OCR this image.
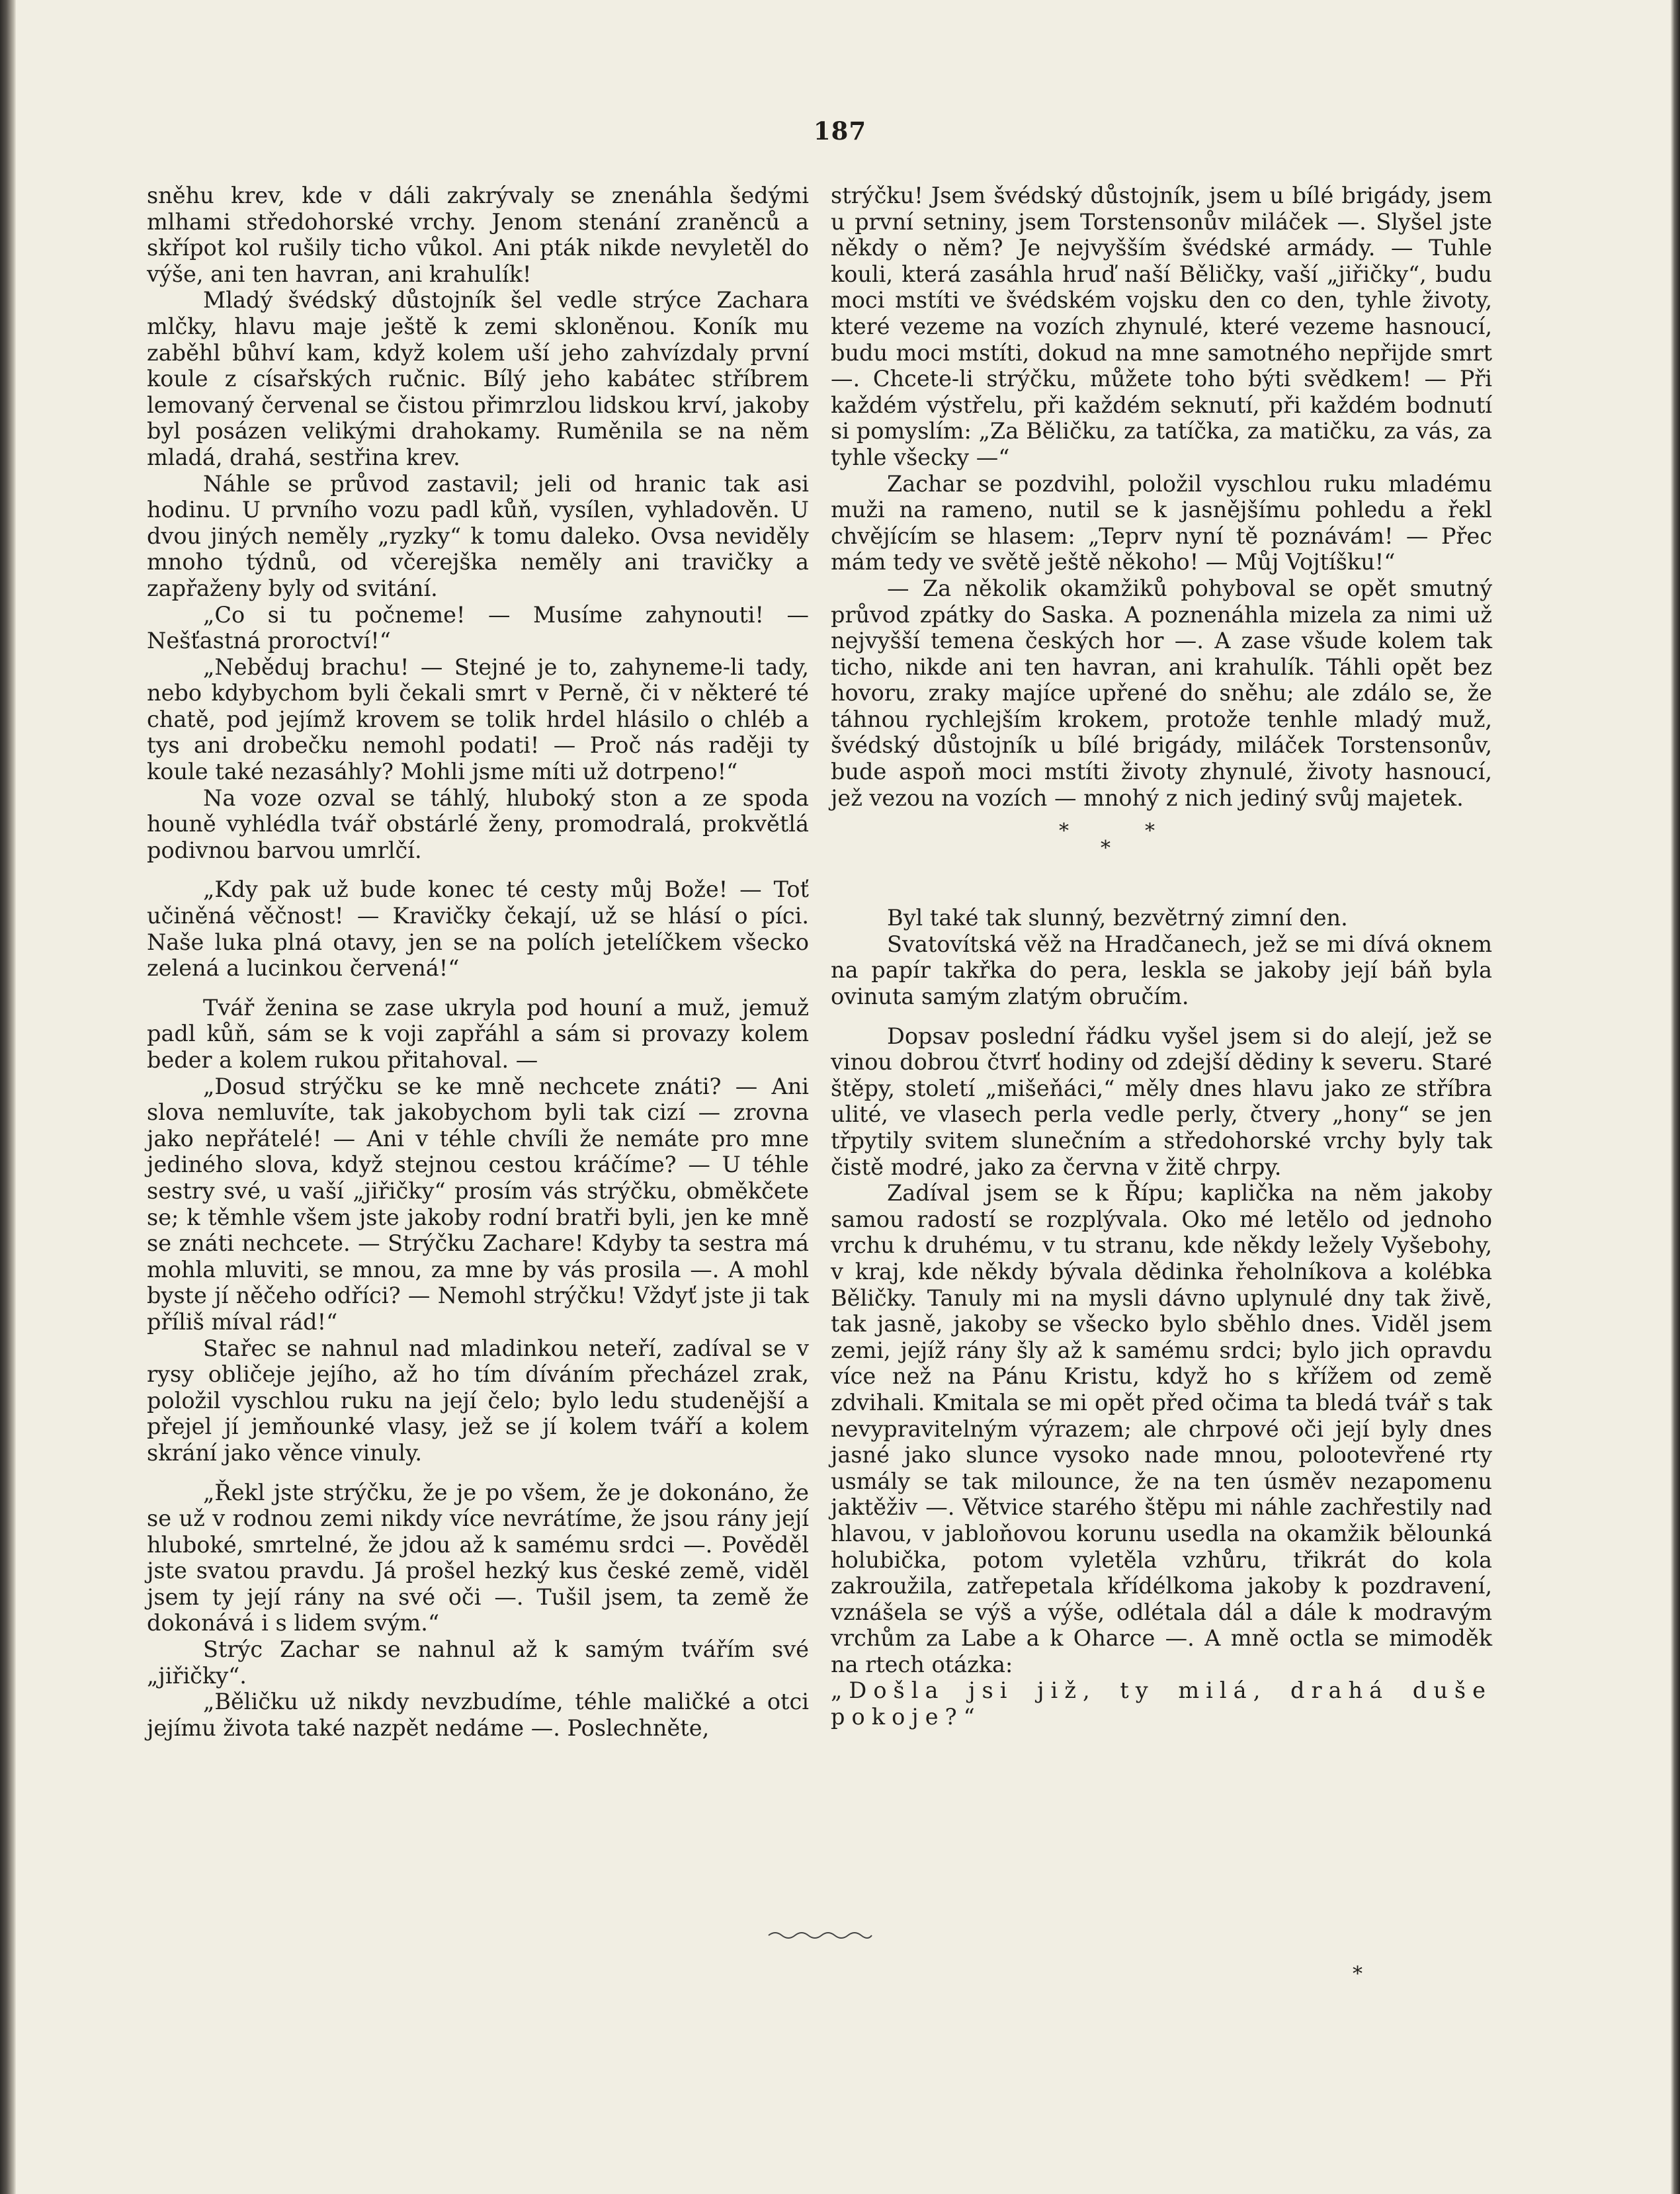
187

sněhu krev, kde v dáli zakrývaly se znenáhla šedými mlhami středohorské vrchy. Jenom stenání zraněnců a skřípot kol rušily ticho vůkol. Ani pták nikde nevyletěl do výše, ani ten havran, ani krahulík!

Mladý švédský důstojník šel vedle strýce Zachara mlčky, hlavu maje ještě k zemi skloněnou. Koník mu zaběhl bůhví kam, když kolem uší jeho zahvízdaly první koule z císařských ručnic. Bílý jeho kabátec stříbrem lemovaný červenal se čistou přimrzlou lidskou krví, jakoby byl posázen velikými drahokamy. Ruměnila se na něm mladá, drahá, sestřina krev.

Náhle se průvod zastavil; jeli od hranic tak asi hodinu. U prvního vozu padl kůň, vysílen, vyhladověn. U dvou jiných neměly „ryzky“ k tomu daleko. Ovsa neviděly mnoho týdnů, od včerejška neměly ani travičky a zapřaženy byly od svitání.

„Co si tu počneme! — Musíme zahynouti! — Nešťastná proroctví!“

„Neběduj brachu! — Stejné je to, zahyneme-li tady, nebo kdybychom byli čekali smrt v Perně, či v některé té chatě, pod jejímž krovem se tolik hrdel hlásilo o chléb a tys ani drobečku nemohl podati! — Proč nás raději ty koule také nezasáhly? Mohli jsme míti už dotrpeno!“

Na voze ozval se táhlý, hluboký ston a ze spoda houně vyhlédla tvář obstárlé ženy, promodralá, prokvětlá podivnou barvou umrlčí.

„Kdy pak už bude konec té cesty můj Bože! — Toť učiněná věčnost! — Kravičky čekají, už se hlásí o píci. Naše luka plná otavy, jen se na polích jetelíčkem všecko zelená a lucinkou červená!“

Tvář ženina se zase ukryla pod houní a muž, jemuž padl kůň, sám se k voji zapřáhl a sám si provazy kolem beder a kolem rukou přitahoval. —

„Dosud strýčku se ke mně nechcete znáti? — Ani slova nemluvíte, tak jakobychom byli tak cizí — zrovna jako nepřátelé! — Ani v téhle chvíli že nemáte pro mne jediného slova, když stejnou cestou kráčíme? — U téhle sestry své, u vaší „jiřičky“ prosím vás strýčku, obměkčete se; k těmhle všem jste jakoby rodní bratři byli, jen ke mně se znáti nechcete. — Strýčku Zachare! Kdyby ta sestra má mohla mluviti, se mnou, za mne by vás prosila —. A mohl byste jí něčeho odříci? — Nemohl strýčku! Vždyť jste ji tak příliš míval rád!“

Stařec se nahnul nad mladinkou neteří, zadíval se v rysy obličeje jejího, až ho tím díváním přecházel zrak, položil vyschlou ruku na její čelo; bylo ledu studenější a přejel jí jemňounké vlasy, jež se jí kolem tváří a kolem skrání jako věnce vinuly.

„Řekl jste strýčku, že je po všem, že je dokonáno, že se už v rodnou zemi nikdy více nevrátíme, že jsou rány její hluboké, smrtelné, že jdou až k samému srdci —. Pověděl jste svatou pravdu. Já prošel hezký kus české země, viděl jsem ty její rány na své oči —. Tušil jsem, ta země že dokonává i s lidem svým.“

Strýc Zachar se nahnul až k samým tvářím své „jiřičky“.

„Běličku už nikdy nevzbudíme, téhle maličké a otci jejímu života také nazpět nedáme —. Poslechněte,

strýčku! Jsem švédský důstojník, jsem u bílé brigády, jsem u první setniny, jsem Torstensonův miláček —. Slyšel jste někdy o něm? Je nejvyšším švédské armády. — Tuhle kouli, která zasáhla hruď naší Běličky, vaší „jiřičky“, budu moci mstíti ve švédském vojsku den co den, tyhle životy, které vezeme na vozích zhynulé, které vezeme hasnoucí, budu moci mstíti, dokud na mne samotného nepřijde smrt —. Chcete-li strýčku, můžete toho býti svědkem! — Při každém výstřelu, při každém seknutí, při každém bodnutí si pomyslím: „Za Běličku, za tatíčka, za matičku, za vás, za tyhle všecky —“

Zachar se pozdvihl, položil vyschlou ruku mladému muži na rameno, nutil se k jasnějšímu pohledu a řekl chvějícím se hlasem: „Teprv nyní tě poznávám! — Přec mám tedy ve světě ještě někoho! — Můj Vojtíšku!“

— Za několik okamžiků pohyboval se opět smutný průvod zpátky do Saska. A poznenáhla mizela za nimi už nejvyšší temena českých hor —. A zase všude kolem tak ticho, nikde ani ten havran, ani krahulík. Táhli opět bez hovoru, zraky majíce upřené do sněhu; ale zdálo se, že táhnou rychlejším krokem, protože tenhle mladý muž, švédský důstojník u bílé brigády, miláček Torstensonův, bude aspoň moci mstíti životy zhynulé, životy hasnoucí, jež vezou na vozích — mnohý z nich jediný svůj majetek.

*	*
*

Byl také tak slunný, bezvětrný zimní den.

Svatovítská věž na Hradčanech, jež se mi dívá oknem na papír takřka do pera, leskla se jakoby její báň byla ovinuta samým zlatým obručím.

Dopsav poslední řádku vyšel jsem si do alejí, jež se vinou dobrou čtvrť hodiny od zdejší dědiny k severu. Staré štěpy, století „mišeňáci,“ měly dnes hlavu jako ze stříbra ulité, ve vlasech perla vedle perly, čtvery „hony“ se jen třpytily svitem slunečním a středohorské vrchy byly tak čistě modré, jako za června v žitě chrpy.

Zadíval jsem se k Řípu; kaplička na něm jakoby samou radostí se rozplývala. Oko mé letělo od jednoho vrchu k druhému, v tu stranu, kde někdy ležely Vyšebohy, v kraj, kde někdy bývala dědinka řeholníkova a kolébka Běličky. Tanuly mi na mysli dávno uplynulé dny tak živě, tak jasně, jakoby se všecko bylo sběhlo dnes. Viděl jsem zemi, jejíž rány šly až k samému srdci; bylo jich opravdu více než na Pánu Kristu, když ho s křížem od země zdvihali. Kmitala se mi opět před očima ta bledá tvář s tak nevypravitelným výrazem; ale chrpové oči její byly dnes jasné jako slunce vysoko nade mnou, polootevřené rty usmály se tak milounce, že na ten úsměv nezapomenu jaktěživ —. Větvice starého štěpu mi náhle zachřestily nad hlavou, v jabloňovou korunu usedla na okamžik bělounká holubička, potom vyletěla vzhůru, třikrát do kola zakroužila, zatřepetala křídélkoma jakoby k pozdravení, vznášela se výš a výše, odlétala dál a dále k modravým vrchům za Labe a k Oharce —. A mně octla se mimoděk na rtech otázka:

„Došla jsi již, ty milá, drahá duše pokoje?“

*
